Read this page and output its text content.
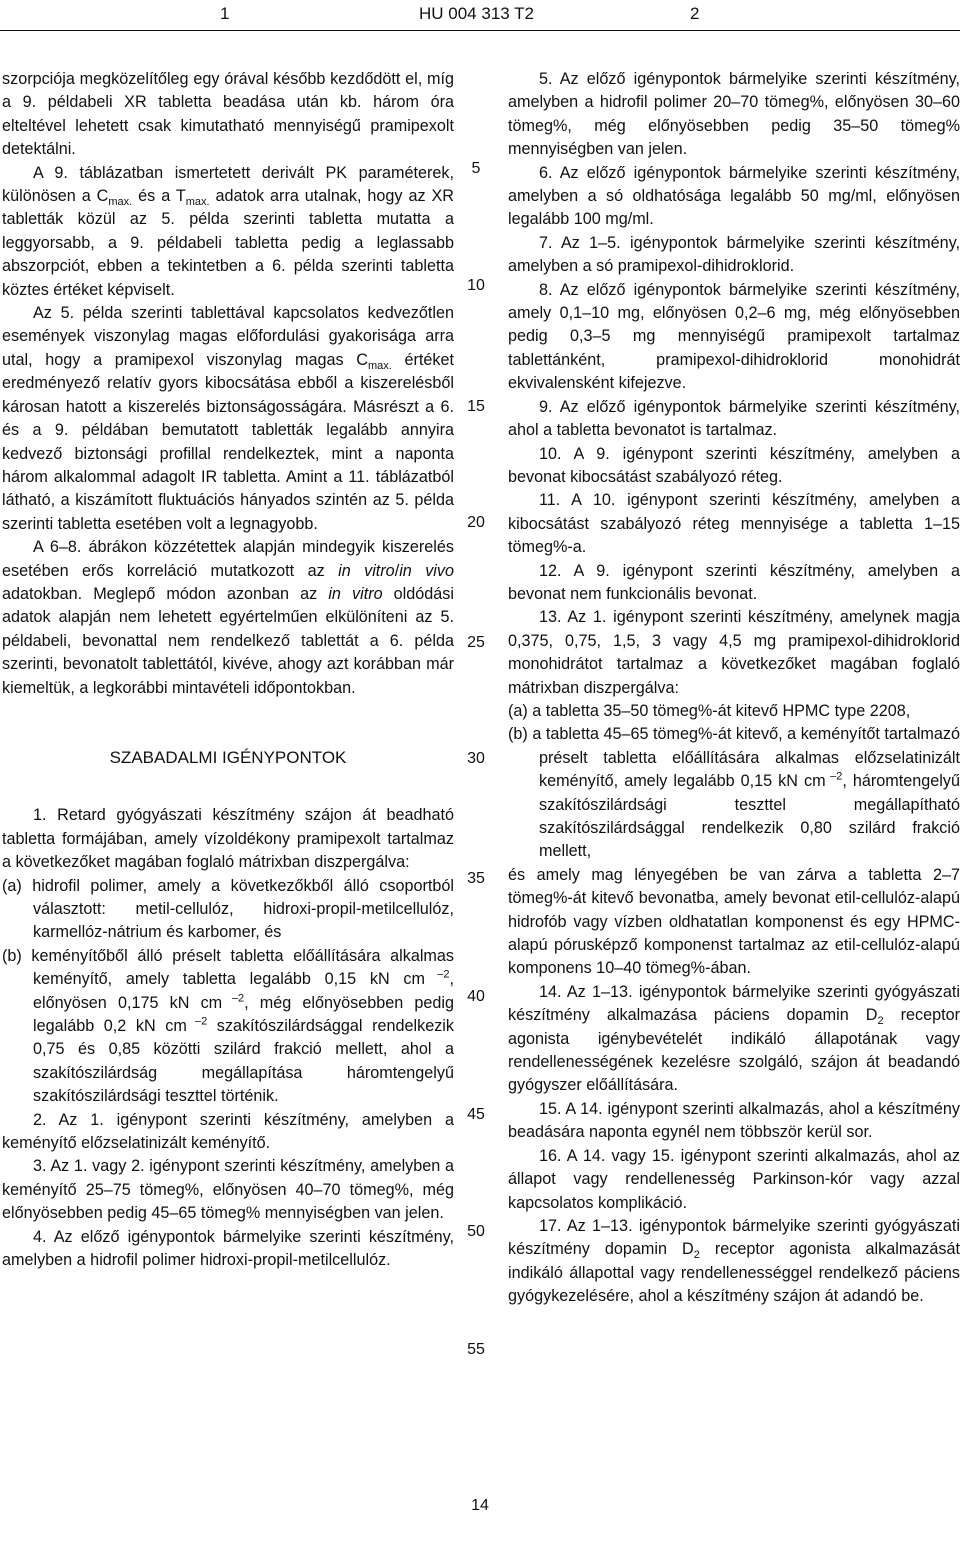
1	HU 004 313 T2	2

szorpciója megközelítőleg egy órával később kezdődött el, míg a 9. példabeli XR tabletta beadása után kb. három óra elteltével lehetett csak kimutatható mennyiségű pramipexolt detektálni.

A 9. táblázatban ismertetett derivált PK paraméterek, különösen a $C_{max.}$ és a $T_{max.}$ adatok arra utalnak, hogy az XR tabletták közül az 5. példa szerinti tabletta mutatta a leggyorsabb, a 9. példabeli tabletta pedig a leglassabb abszorpciót, ebben a tekintetben a 6. példa szerinti tabletta köztes értéket képviselt.

Az 5. példa szerinti tablettával kapcsolatos kedvezőtlen események viszonylag magas előfordulási gyakorisága arra utal, hogy a pramipexol viszonylag magas $C_{max.}$ értéket eredményező relatív gyors kibocsátása ebből a kiszerelésből károsan hatott a kiszerelés biztonságosságára. Másrészt a 6. és a 9. példában bemutatott tabletták legalább annyira kedvező biztonsági profillal rendelkeztek, mint a naponta három alkalommal adagolt IR tabletta. Amint a 11. táblázatból látható, a kiszámított fluktuációs hányados szintén az 5. példa szerinti tabletta esetében volt a legnagyobb.

A 6–8. ábrákon közzétettek alapján mindegyik kiszerelés esetében erős korreláció mutatkozott az in vitro/in vivo adatokban. Meglepő módon azonban az in vitro oldódási adatok alapján nem lehetett egyértelműen elkülöníteni az 5. példabeli, bevonattal nem rendelkező tablettát a 6. példa szerinti, bevonatolt tablettától, kivéve, ahogy azt korábban már kiemeltük, a legkorábbi mintavételi időpontokban.

SZABADALMI IGÉNYPONTOK

1. Retard gyógyászati készítmény szájon át beadható tabletta formájában, amely vízoldékony pramipexolt tartalmaz a következőket magában foglaló mátrixban diszpergálva:

(a) hidrofil polimer, amely a következőkből álló csoportból választott: metil-cellulóz, hidroxi-propil-metilcellulóz, karmellóz-nátrium és karbomer, és

(b) keményítőből álló préselt tabletta előállítására alkalmas keményítő, amely tabletta legalább 0,15 kN cm $^{-2}$, előnyösen 0,175 kN cm $^{-2}$, még előnyösebben pedig legalább 0,2 kN cm $^{-2}$ szakítószilárdsággal rendelkezik 0,75 és 0,85 közötti szilárd frakció mellett, ahol a szakítószilárdság megállapítása háromtengelyű szakítószilárdsági teszttel történik.

2. Az 1. igénypont szerinti készítmény, amelyben a keményítő előzselatinizált keményítő.

3. Az 1. vagy 2. igénypont szerinti készítmény, amelyben a keményítő 25–75 tömeg%, előnyösen 40–70 tömeg%, még előnyösebben pedig 45–65 tömeg% mennyiségben van jelen.

4. Az előző igénypontok bármelyike szerinti készítmény, amelyben a hidrofil polimer hidroxi-propil-metilcellulóz.

5
10
15
20
25
30
35
40
45
50
55

5. Az előző igénypontok bármelyike szerinti készítmény, amelyben a hidrofil polimer 20–70 tömeg%, előnyösen 30–60 tömeg%, még előnyösebben pedig 35–50 tömeg% mennyiségben van jelen.

6. Az előző igénypontok bármelyike szerinti készítmény, amelyben a só oldhatósága legalább 50 mg/ml, előnyösen legalább 100 mg/ml.

7. Az 1–5. igénypontok bármelyike szerinti készítmény, amelyben a só pramipexol-dihidroklorid.

8. Az előző igénypontok bármelyike szerinti készítmény, amely 0,1–10 mg, előnyösen 0,2–6 mg, még előnyösebben pedig 0,3–5 mg mennyiségű pramipexolt tartalmaz tablettánként, pramipexol-dihidroklorid monohidrát ekvivalensként kifejezve.

9. Az előző igénypontok bármelyike szerinti készítmény, ahol a tabletta bevonatot is tartalmaz.

10. A 9. igénypont szerinti készítmény, amelyben a bevonat kibocsátást szabályozó réteg.

11. A 10. igénypont szerinti készítmény, amelyben a kibocsátást szabályozó réteg mennyisége a tabletta 1–15 tömeg%-a.

12. A 9. igénypont szerinti készítmény, amelyben a bevonat nem funkcionális bevonat.

13. Az 1. igénypont szerinti készítmény, amelynek magja 0,375, 0,75, 1,5, 3 vagy 4,5 mg pramipexol-dihidroklorid monohidrátot tartalmaz a következőket magában foglaló mátrixban diszpergálva:

(a) a tabletta 35–50 tömeg%-át kitevő HPMC type 2208,

(b) a tabletta 45–65 tömeg%-át kitevő, a keményítőt tartalmazó préselt tabletta előállítására alkalmas előzselatinizált keményítő, amely legalább 0,15 kN cm $^{-2}$, háromtengelyű szakítószilárdsági teszttel megállapítható szakítószilárdsággal rendelkezik 0,80 szilárd frakció mellett,

és amely mag lényegében be van zárva a tabletta 2–7 tömeg%-át kitevő bevonatba, amely bevonat etil-cellulóz-alapú hidrofób vagy vízben oldhatatlan komponenst és egy HPMC-alapú pórusképző komponenst tartalmaz az etil-cellulóz-alapú komponens 10–40 tömeg%-ában.

14. Az 1–13. igénypontok bármelyike szerinti gyógyászati készítmény alkalmazása páciens dopamin $D_2$ receptor agonista igénybevételét indikáló állapotának vagy rendellenességének kezelésre szolgáló, szájon át beadandó gyógyszer előállítására.

15. A 14. igénypont szerinti alkalmazás, ahol a készítmény beadására naponta egynél nem többször kerül sor.

16. A 14. vagy 15. igénypont szerinti alkalmazás, ahol az állapot vagy rendellenesség Parkinson-kór vagy azzal kapcsolatos komplikáció.

17. Az 1–13. igénypontok bármelyike szerinti gyógyászati készítmény dopamin $D_2$ receptor agonista alkalmazását indikáló állapottal vagy rendellenességgel rendelkező páciens gyógykezelésére, ahol a készítmény szájon át adandó be.

14
